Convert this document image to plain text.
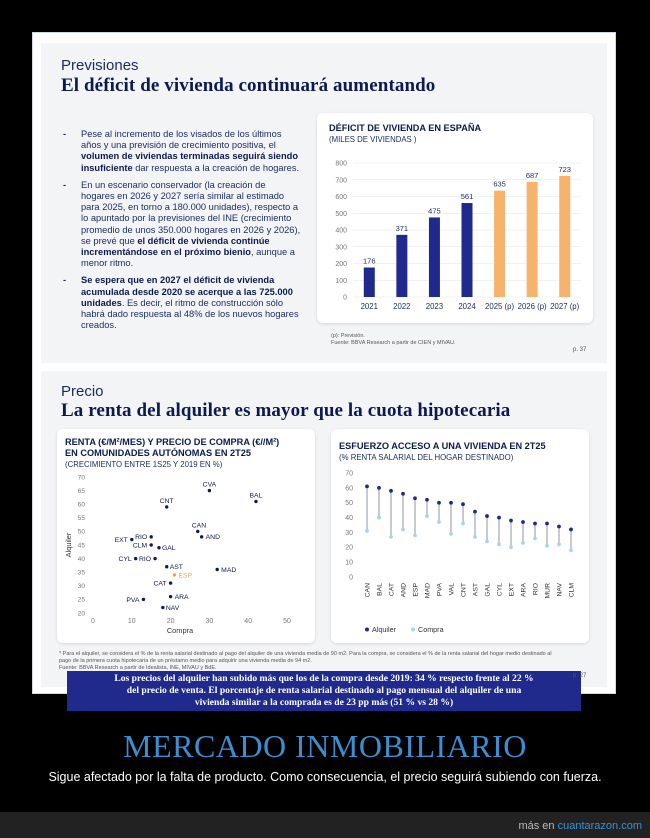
Previsiones
El déficit de vivienda continuará aumentando
- Pese al incremento de los visados de los últimos años y una previsión de crecimiento positiva, el volumen de viviendas terminadas seguirá siendo insuficiente dar respuesta a la creación de hogares.
- En un escenario conservador (la creación de hogares en 2026 y 2027 sería similar al estimado para 2025, en torno a 180.000 unidades), respecto a lo apuntado por la previsiones del INE (crecimiento promedio de unos 350.000 hogares en 2026 y 2026), se prevé que el déficit de vivienda continúe incrementándose en el próximo bienio, aunque a menor ritmo.
- Se espera que en 2027 el déficit de vivienda acumulada desde 2020 se acerque a las 725.000 unidades. Es decir, el ritmo de construcción sólo habrá dado respuesta al 48% de los nuevos hogares creados.
DÉFICIT DE VIVIENDA EN ESPAÑA
(MILES DE VIVIENDAS )
0
100
200
300
400
500
600
700
800
176
2021
371
2022
475
2023
561
2024
635
2025 (p)
687
2026 (p)
723
2027 (p)
(p): Previsión.
Fuente: BBVA Research a partir de CIEN y MIVAU.
p. 37
Precio
La renta del alquiler es mayor que la cuota hipotecaria
RENTA (€/M²/MES) Y PRECIO DE COMPRA (€//M²)
EN COMUNIDADES AUTÓNOMAS EN 2T25
(CRECIMIENTO ENTRE 1S25 Y 2019 EN %)
20
25
30
35
40
45
50
55
60
65
70
0	10	20	30	40	50
Compra
Alquiler
BAL
CVA
CNT
CAN
AND
RIO
EXT
CLM GAL
RIO
CYL
AST	MAD
ESP
CAT
ARA
PVA
NAV
ESFUERZO ACCESO A UNA VIVIENDA EN 2T25
(% RENTA SALARIAL DEL HOGAR DESTINADO)
0
10
20
30
40
50
60
70
CAN BAL CAT AND ESP MAD PVA VAL CNT AST GAL CYL EXT ARA RIO MUR NAV CLM
Alquiler	Compra
* Para el alquiler, se considera el % de la renta salarial destinado al pago del alquiler de una vivienda media de 90 m2. Para la compra, se considera el % de la renta salarial del hogar medio destinado al
pago de la primera cuota hipotecaria de un préstamo medio para adquirir una vivienda media de 94 m2.
Fuente: BBVA Research a partir de Idealista, INE, MIVAU y BdE.
Los precios del alquiler han subido más que los de la compra desde 2019: 34 % respecto frente al 22 %
del precio de venta. El porcentaje de renta salarial destinado al pago mensual del alquiler de una
vivienda similar a la comprada es de 23 pp más (51 % vs 28 %)
p. 27
MERCADO INMOBILIARIO
Sigue afectado por la falta de producto. Como consecuencia, el precio seguirá subiendo con fuerza.
más en cuantarazon.com
